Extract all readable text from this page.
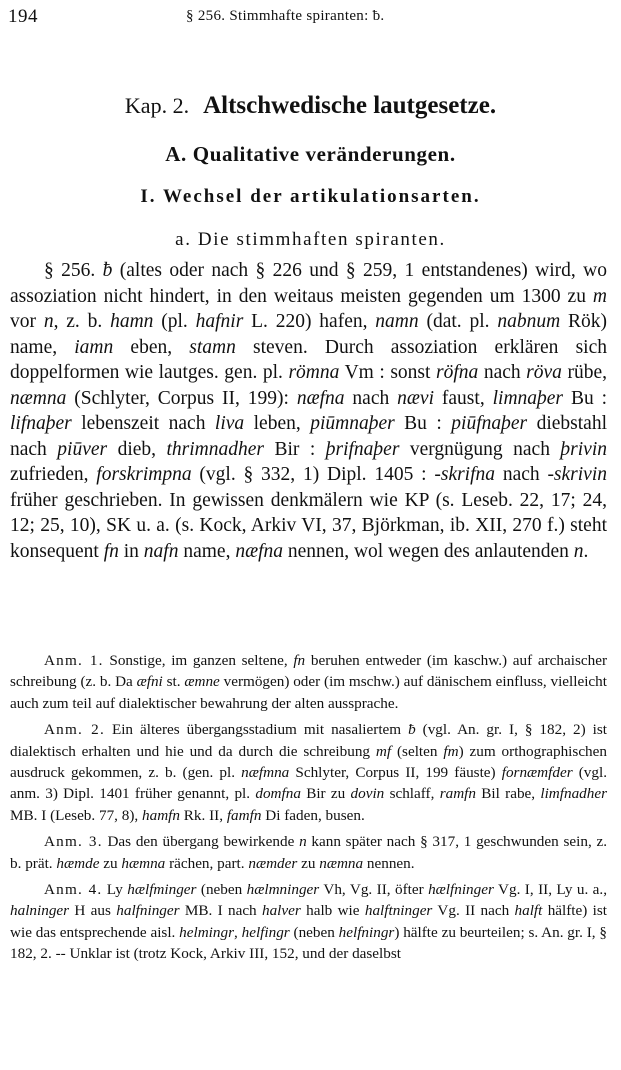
194	§ 256. Stimmhafte spiranten: ƀ.
Kap. 2. Altschwedische lautgesetze.
A. Qualitative veränderungen.
I. Wechsel der artikulationsarten.
a. Die stimmhaften spiranten.

§ 256. ƀ (altes oder nach § 226 und § 259, 1 entstandenes) wird, wo assoziation nicht hindert, in den weitaus meisten gegenden um 1300 zu m vor n, z. b. hamn (pl. hafnir L. 220) hafen, namn (dat. pl. nabnum Rök) name, iamn eben, stamn steven. Durch assoziation erklären sich doppelformen wie lautges. gen. pl. römna Vm : sonst röfna nach röva rübe, næmna (Schlyter, Corpus II, 199): næfna nach nævi faust, limnaþer Bu : lifnaþer lebenszeit nach liva leben, piūmnaþer Bu : piūfnaþer diebstahl nach piūver dieb, thrimnadher Bir : þrifnaþer vergnügung nach þrivin zufrieden, forskrimpna (vgl. § 332, 1) Dipl. 1405 : -skrifna nach -skrivin früher geschrieben. In gewissen denkmälern wie KP (s. Leseb. 22, 17; 24, 12; 25, 10), SK u. a. (s. Kock, Arkiv VI, 37, Björkman, ib. XII, 270 f.) steht konsequent fn in nafn name, næfna nennen, wol wegen des anlautenden n.

Anm. 1. Sonstige, im ganzen seltene, fn beruhen entweder (im kaschw.) auf archaischer schreibung (z. b. Da æfni st. æmne vermögen) oder (im mschw.) auf dänischem einfluss, vielleicht auch zum teil auf dialektischer bewahrung der alten aussprache.

Anm. 2. Ein älteres übergangsstadium mit nasaliertem ƀ (vgl. An. gr. I, § 182, 2) ist dialektisch erhalten und hie und da durch die schreibung mf (selten fm) zum orthographischen ausdruck gekommen, z. b. (gen. pl. næfmna Schlyter, Corpus II, 199 fäuste) fornæmfder (vgl. anm. 3) Dipl. 1401 früher genannt, pl. domfna Bir zu dovin schlaff, ramfn Bil rabe, limfnadher MB. I (Leseb. 77, 8), hamfn Rk. II, famfn Di faden, busen.

Anm. 3. Das den übergang bewirkende n kann später nach § 317, 1 geschwunden sein, z. b. prät. hæmde zu hæmna rächen, part. næmder zu næmna nennen.

Anm. 4. Ly hælfminger (neben hælmninger Vh, Vg. II, öfter hælfninger Vg. I, II, Ly u. a., halninger H aus halfninger MB. I nach halver halb wie halftninger Vg. II nach halft hälfte) ist wie das entsprechende aisl. helmingr, helfingr (neben helfningr) hälfte zu beurteilen; s. An. gr. I, § 182, 2. -- Unklar ist (trotz Kock, Arkiv III, 152, und der daselbst
